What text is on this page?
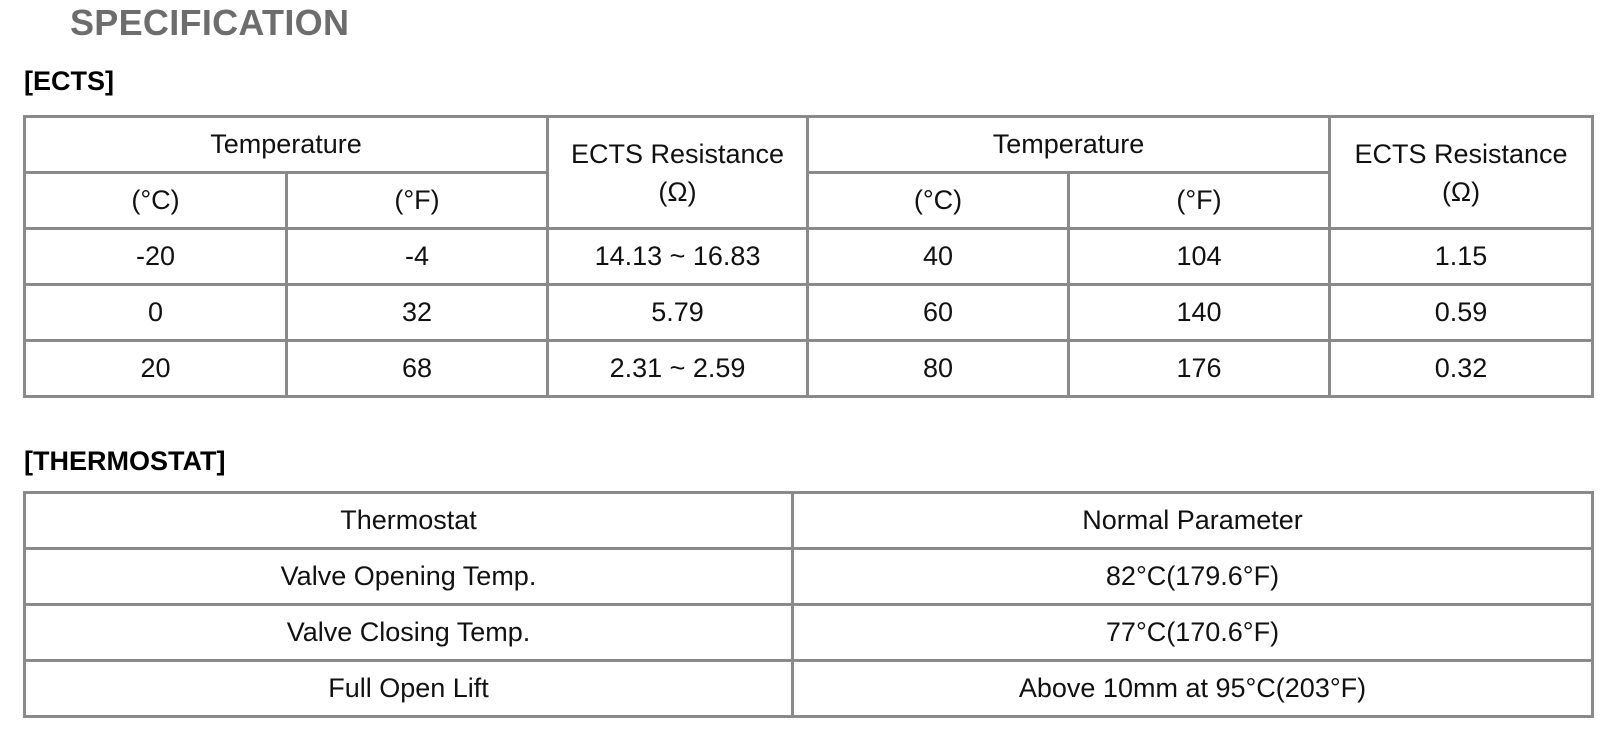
SPECIFICATION
[ECTS]
Temperature		ECTS Resistance (Ω)	Temperature		ECTS Resistance (Ω)
(°C)	(°F)		(°C)	(°F)	
-20	-4	14.13 ~ 16.83	40	104	1.15
0	32	5.79	60	140	0.59
20	68	2.31 ~ 2.59	80	176	0.32
[THERMOSTAT]
Thermostat	Normal Parameter
Valve Opening Temp.	82°C(179.6°F)
Valve Closing Temp.	77°C(170.6°F)
Full Open Lift	Above 10mm at 95°C(203°F)
